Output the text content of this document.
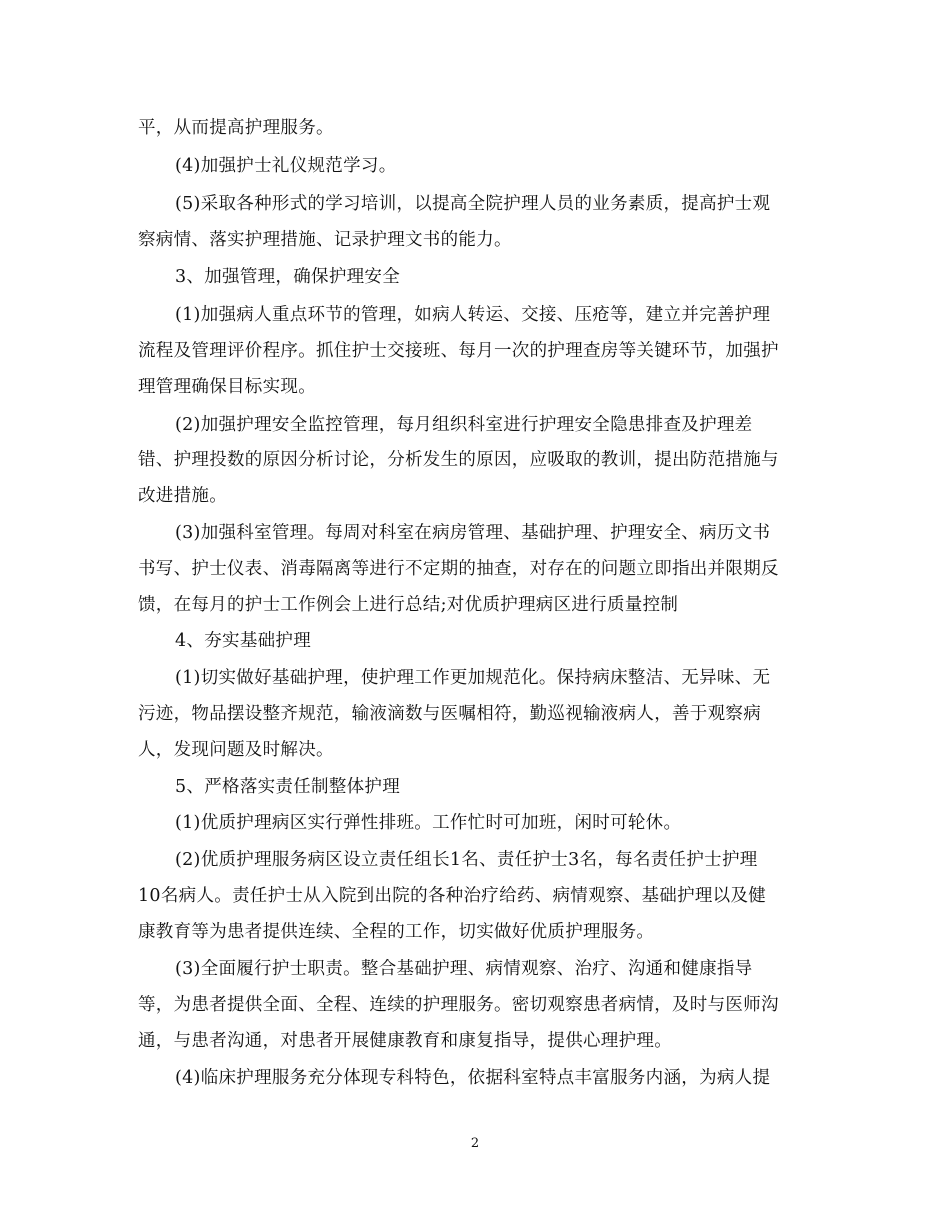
平，从而提高护理服务。
(4)加强护士礼仪规范学习。
(5)采取各种形式的学习培训，以提高全院护理人员的业务素质，提高护士观
察病情、落实护理措施、记录护理文书的能力。
3、加强管理，确保护理安全
(1)加强病人重点环节的管理，如病人转运、交接、压疮等，建立并完善护理
流程及管理评价程序。抓住护士交接班、每月一次的护理查房等关键环节，加强护
理管理确保目标实现。
(2)加强护理安全监控管理，每月组织科室进行护理安全隐患排查及护理差
错、护理投数的原因分析讨论，分析发生的原因，应吸取的教训，提出防范措施与
改进措施。
(3)加强科室管理。每周对科室在病房管理、基础护理、护理安全、病历文书
书写、护士仪表、消毒隔离等进行不定期的抽查，对存在的问题立即指出并限期反
馈，在每月的护士工作例会上进行总结;对优质护理病区进行质量控制
4、夯实基础护理
(1)切实做好基础护理，使护理工作更加规范化。保持病床整洁、无异味、无
污迹，物品摆设整齐规范，输液滴数与医嘱相符，勤巡视输液病人，善于观察病
人，发现问题及时解决。
5、严格落实责任制整体护理
(1)优质护理病区实行弹性排班。工作忙时可加班，闲时可轮休。
(2)优质护理服务病区设立责任组长1名、责任护士3名，每名责任护士护理
10名病人。责任护士从入院到出院的各种治疗给药、病情观察、基础护理以及健
康教育等为患者提供连续、全程的工作，切实做好优质护理服务。
(3)全面履行护士职责。整合基础护理、病情观察、治疗、沟通和健康指导
等，为患者提供全面、全程、连续的护理服务。密切观察患者病情，及时与医师沟
通，与患者沟通，对患者开展健康教育和康复指导，提供心理护理。
(4)临床护理服务充分体现专科特色，依据科室特点丰富服务内涵，为病人提
2
